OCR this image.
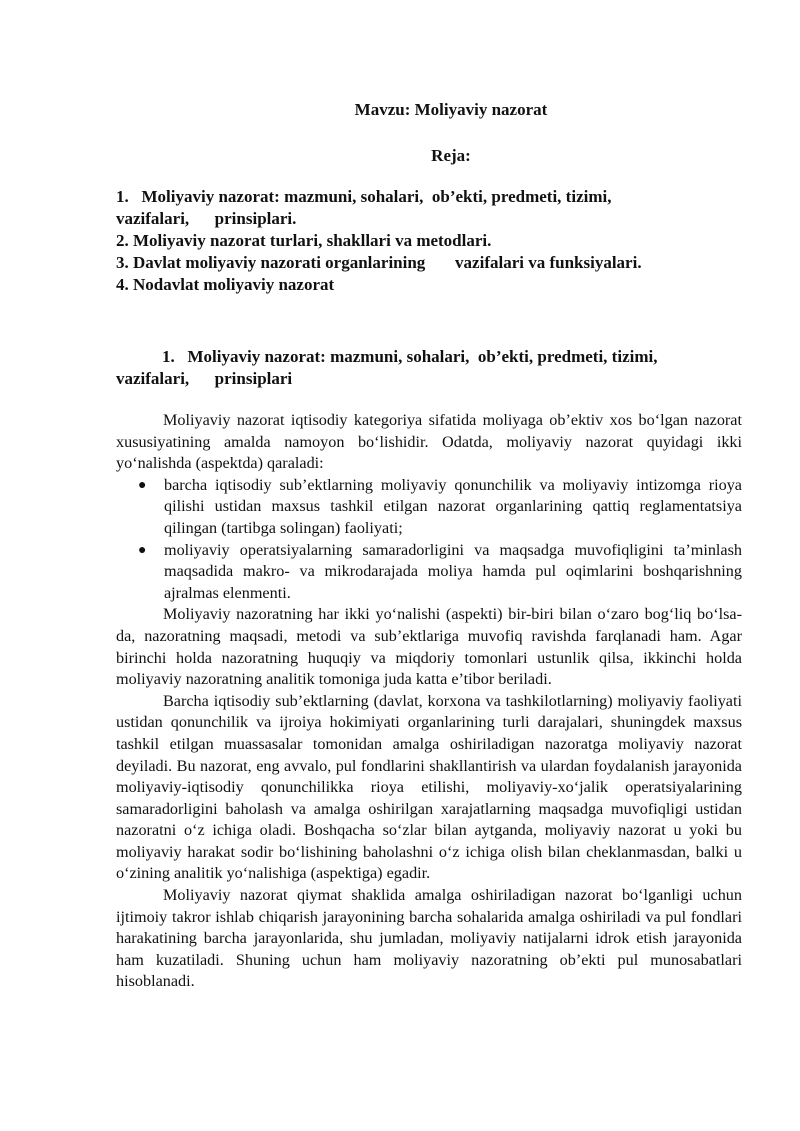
Mavzu: Moliyaviy nazorat
Reja:
1.   Moliyaviy nazorat: mazmuni, sohalari,  ob’ekti, predmeti, tizimi,
vazifalari,      prinsiplari.
2. Moliyaviy nazorat turlari, shakllari va metodlari.
3. Davlat moliyaviy nazorati organlarining       vazifalari va funksiyalari.
4. Nodavlat moliyaviy nazorat
1.   Moliyaviy nazorat: mazmuni, sohalari,  ob’ekti, predmeti, tizimi,
vazifalari,      prinsiplari

Moliyaviy nazorat iqtisodiy kategoriya sifatida moliyaga ob’ektiv xos bo‘lgan nazorat xususiyatining amalda namoyon bo‘lishidir. Odatda, moliyaviy nazorat quyidagi ikki yo‘nalishda (aspektda) qaraladi:

● barcha iqtisodiy sub’ektlarning moliyaviy qonunchilik va moliyaviy intizomga rioya qilishi ustidan maxsus tashkil etilgan nazorat organlarining qattiq reglamentatsiya qilingan (tartibga solingan) faoliyati;
● moliyaviy operatsiyalarning samaradorligini va maqsadga muvofiqligini ta’minlash maqsadida makro- va mikrodarajada moliya hamda pul oqimlarini boshqarishning ajralmas elenmenti.

Moliyaviy nazoratning har ikki yo‘nalishi (aspekti) bir-biri bilan o‘zaro bog‘liq bo‘lsa-da, nazoratning maqsadi, metodi va sub’ektlariga muvofiq ravishda farqlanadi ham. Agar birinchi holda nazoratning huquqiy va miqdoriy tomonlari ustunlik qilsa, ikkinchi holda moliyaviy nazoratning analitik tomoniga juda katta e’tibor beriladi.

Barcha iqtisodiy sub’ektlarning (davlat, korxona va tashkilotlarning) moliyaviy faoliyati ustidan qonunchilik va ijroiya hokimiyati organlarining turli darajalari, shuningdek maxsus tashkil etilgan muassasalar tomonidan amalga oshiriladigan nazoratga moliyaviy nazorat deyiladi. Bu nazorat, eng avvalo, pul fondlarini shakllantirish va ulardan foydalanish jarayonida moliyaviy-iqtisodiy qonunchilikka rioya etilishi, moliyaviy-xo‘jalik operatsiyalarining samaradorligini baholash va amalga oshirilgan xarajatlarning maqsadga muvofiqligi ustidan nazoratni o‘z ichiga oladi. Boshqacha so‘zlar bilan aytganda, moliyaviy nazorat u yoki bu moliyaviy harakat sodir bo‘lishining baholashni o‘z ichiga olish bilan cheklanmasdan, balki u o‘zining analitik yo‘nalishiga (aspektiga) egadir.

Moliyaviy nazorat qiymat shaklida amalga oshiriladigan nazorat bo‘lganligi uchun ijtimoiy takror ishlab chiqarish jarayonining barcha sohalarida amalga oshiriladi va pul fondlari harakatining barcha jarayonlarida, shu jumladan, moliyaviy natijalarni idrok etish jarayonida ham kuzatiladi. Shuning uchun ham moliyaviy nazoratning ob’ekti pul munosabatlari hisoblanadi.
